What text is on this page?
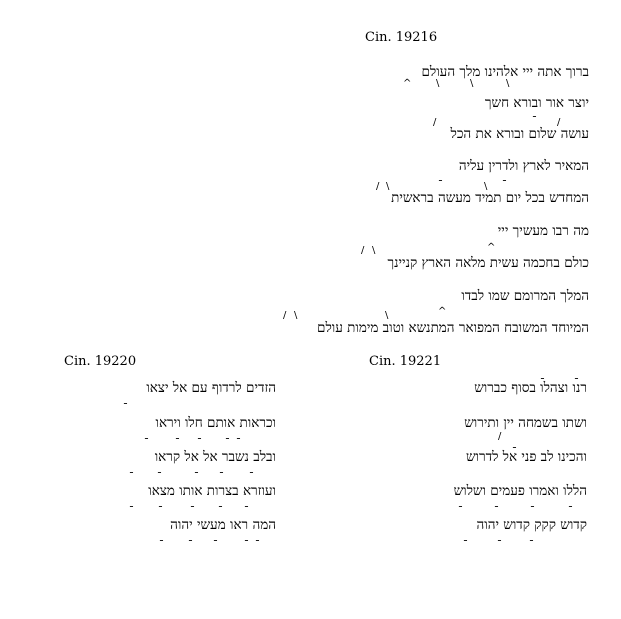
Cin. 19216
ברוך אתה ייי אלהינו מלך העולם
^ \	\	\
יוצר אור ובורא חשך
ـ
עושה שלום ובורא את הכל
/	/
המאיר לארץ ולדרין עליה
ـ	ـ
המחדש בכל יום תמיד מעשה בראשית
/ \	\
מה רבו מעשיך ייי
^
כולם בחכמה עשית מלאה הארץ קניינך
/ \
המלך המרומם שמו לבדו
^
המיוחד המשובח המפואר המתנשא וטוב מימות עולם
/ \	\
Cin. 19220
הזדים לרדוף עם אל יצאו
ـ
וכראות אותם חלו ויראו
ـ	ـ ـ	ـ ـ
ובלב נשבר אל אל קראו
ـ	ـ	ـ ـ	ـ
ועוזרא בצרות אותו מצאו
ـ	ـ	ـ	ـ ـ
המה ראו מעשי יהוה
ـ	ـ ـ	ـ ـ
Cin. 19221
רנו וצהלו בסוף כברוש
ـ	ـ
ושתו בשמחה יין ותירוש
/
והכינו לב פני אל לדרוש
ـ
הללו ואמרו פעמים ושלוש
ـ	ـ	ـ	ـ
קדוש קקק קדוש יהוה
ـ	ـ	ـ
